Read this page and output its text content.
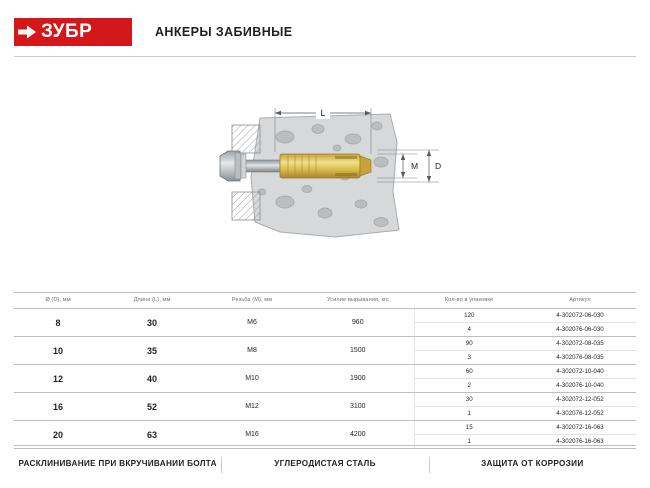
ЗУБР	АНКЕРЫ ЗАБИВНЫЕ
L
M D
Ø (D), мм	Длина (L), мм	Резьба (M), мм	Усилие вырывания, кгс	Кол-во в упаковке	Артикул
8	30	M6	960	120	4-302072-06-030
				4	4-302076-06-030
10	35	M8	1500	90	4-302072-08-035
				3	4-302076-08-035
12	40	M10	1900	60	4-302072-10-040
				2	4-302076-10-040
16	52	M12	3100	30	4-302072-12-052
				1	4-302076-12-052
20	63	M16	4200	15	4-302072-16-063
				1	4-302076-16-063
РАСКЛИНИВАНИЕ ПРИ ВКРУЧИВАНИИ БОЛТА	УГЛЕРОДИСТАЯ СТАЛЬ	ЗАЩИТА ОТ КОРРОЗИИ
